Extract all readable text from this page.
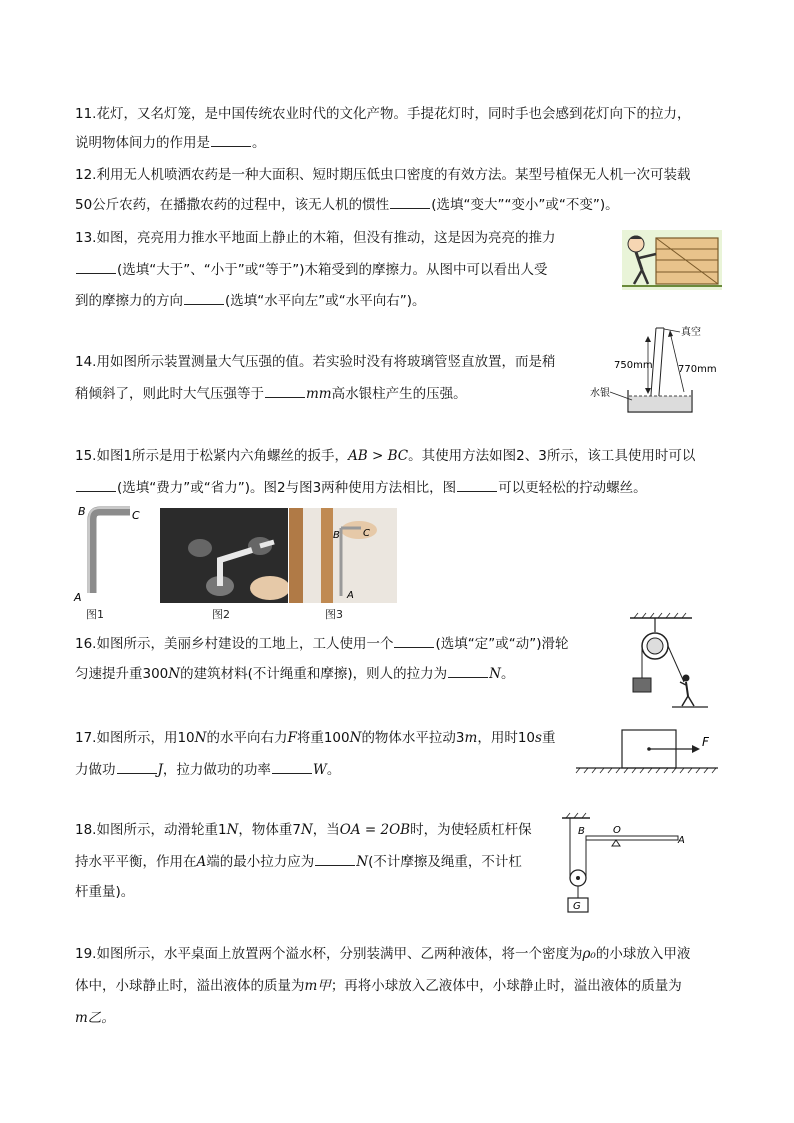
11.花灯，又名灯笼，是中国传统农业时代的文化产物。手提花灯时，同时手也会感到花灯向下的拉力，
说明物体间力的作用是	。
12.利用无人机喷洒农药是一种大面积、短时期压低虫口密度的有效方法。某型号植保无人机一次可装载
50公斤农药，在播撒农药的过程中，该无人机的惯性	(选填“变大”“变小”或“不变”)。
13.如图，亮亮用力推水平地面上静止的木箱，但没有推动，这是因为亮亮的推力
(选填“大于”、“小于”或“等于”)木箱受到的摩擦力。从图中可以看出人受
到的摩擦力的方向	(选填“水平向左”或“水平向右”)。
14.用如图所示装置测量大气压强的值。若实验时没有将玻璃管竖直放置，而是稍
稍倾斜了，则此时大气压强等于	mm高水银柱产生的压强。
真空
750mm	770mm
水银
15.如图1所示是用于松紧内六角螺丝的扳手，AB > BC。其使用方法如图2、3所示，该工具使用时可以
(选填“费力”或“省力”)。图2与图3两种使用方法相比，图	可以更轻松的拧动螺丝。
B	C
A
图1	图2
B C
A
图3
16.如图所示，美丽乡村建设的工地上，工人使用一个	(选填“定”或“动”)滑轮
匀速提升重300N的建筑材料(不计绳重和摩擦)，则人的拉力为	N。
17.如图所示，用10N的水平向右力F将重100N的物体水平拉动3m，用时10s重
力做功	J，拉力做功的功率	W。
F
18.如图所示，动滑轮重1N，物体重7N，当OA = 2OB时，为使轻质杠杆保
持水平平衡，作用在A端的最小拉力应为	N(不计摩擦及绳重，不计杠
杆重量)。
B	O
A
G
19.如图所示，水平桌面上放置两个溢水杯，分别装满甲、乙两种液体，将一个密度为ρ₀的小球放入甲液
体中，小球静止时，溢出液体的质量为m甲；再将小球放入乙液体中，小球静止时，溢出液体的质量为
m乙。
